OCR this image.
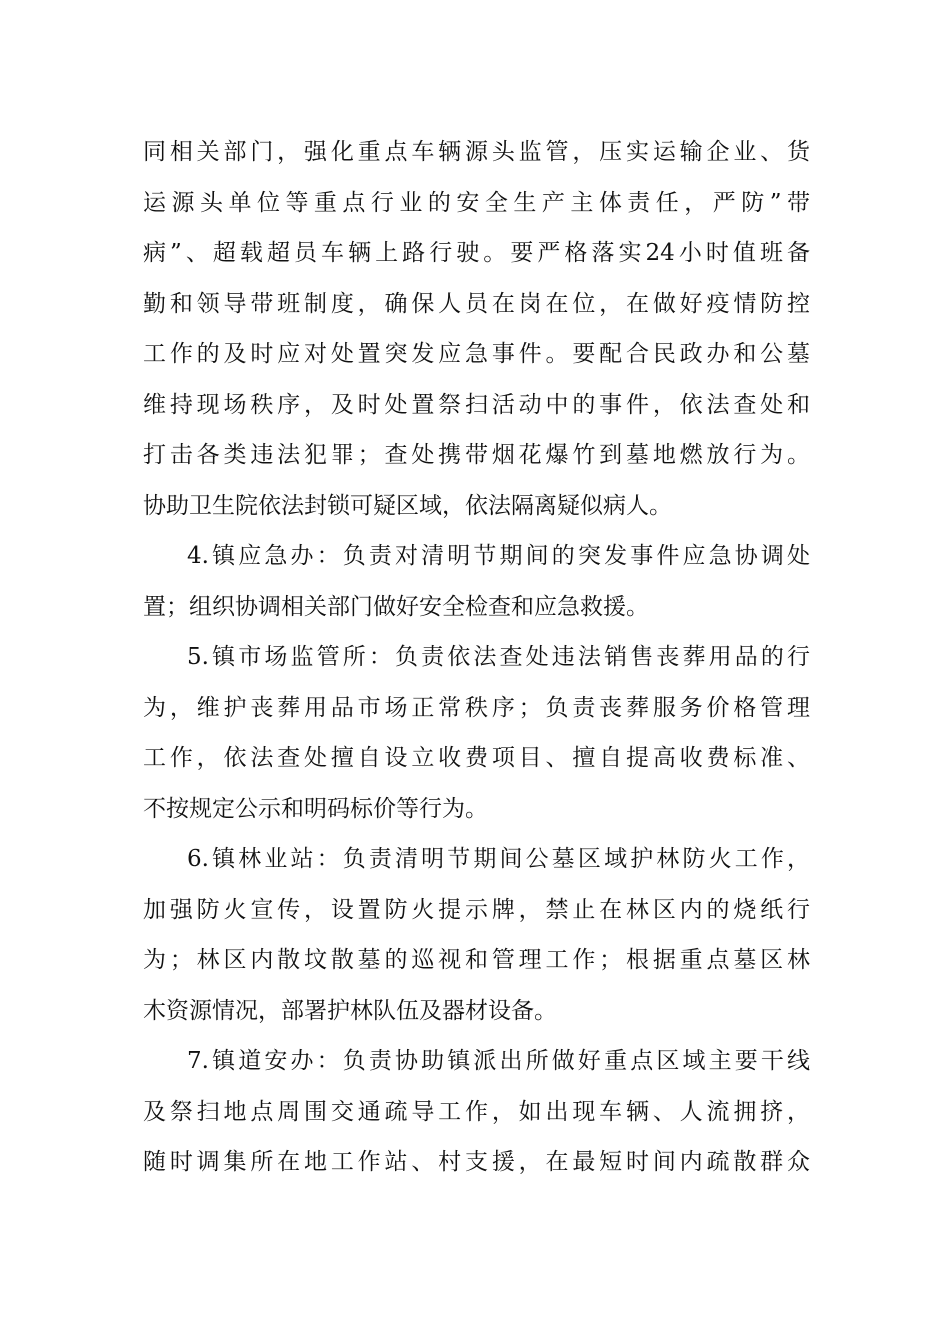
同相关部门，强化重点车辆源头监管，压实运输企业、货
运源头单位等重点行业的安全生产主体责任，严防”带
病”、超载超员车辆上路行驶。要严格落实24小时值班备
勤和领导带班制度，确保人员在岗在位，在做好疫情防控
工作的及时应对处置突发应急事件。要配合民政办和公墓
维持现场秩序，及时处置祭扫活动中的事件，依法查处和
打击各类违法犯罪；查处携带烟花爆竹到墓地燃放行为。
协助卫生院依法封锁可疑区域，依法隔离疑似病人。
4.镇应急办：负责对清明节期间的突发事件应急协调处
置；组织协调相关部门做好安全检查和应急救援。
5.镇市场监管所：负责依法查处违法销售丧葬用品的行
为，维护丧葬用品市场正常秩序；负责丧葬服务价格管理
工作，依法查处擅自设立收费项目、擅自提高收费标准、
不按规定公示和明码标价等行为。
6.镇林业站：负责清明节期间公墓区域护林防火工作，
加强防火宣传，设置防火提示牌，禁止在林区内的烧纸行
为；林区内散坟散墓的巡视和管理工作；根据重点墓区林
木资源情况，部署护林队伍及器材设备。
7.镇道安办：负责协助镇派出所做好重点区域主要干线
及祭扫地点周围交通疏导工作，如出现车辆、人流拥挤，
随时调集所在地工作站、村支援，在最短时间内疏散群众
